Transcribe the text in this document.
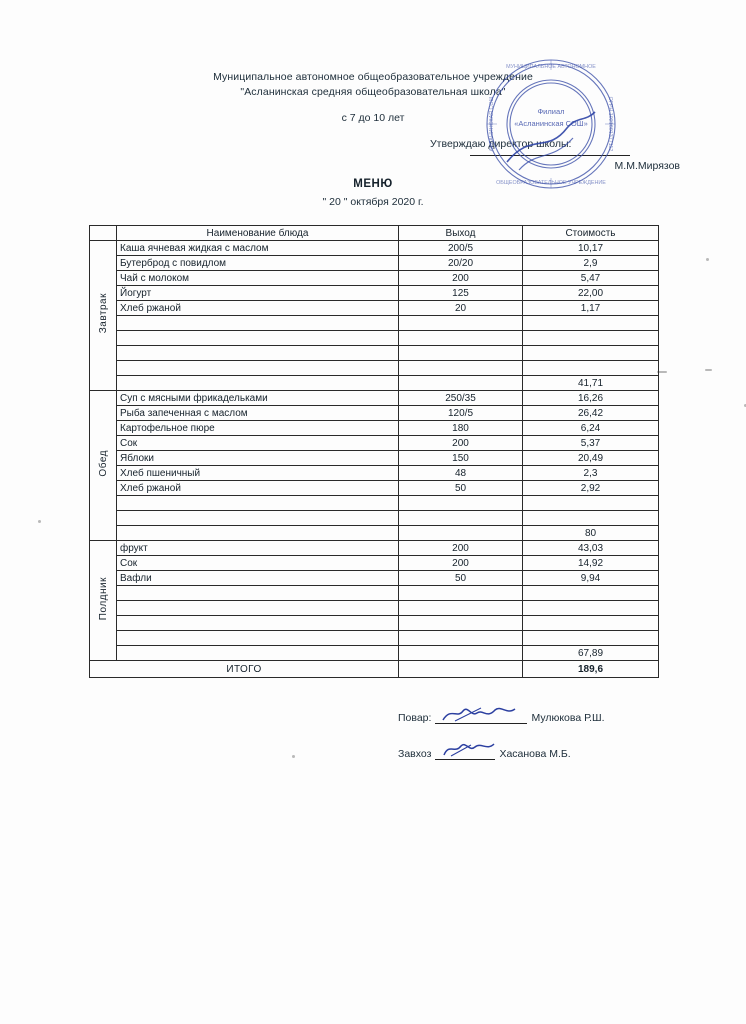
Муниципальное автономное общеобразовательное учреждение
"Асланинская средняя общеобразовательная школа"
с 7 до 10 лет
Утверждаю директор школы:
М.М.Мирязов
МУНИЦИПАЛЬНОЕ АВТОНОМНОЕ
ОБЩЕОБРАЗОВАТЕЛЬНОЕ УЧРЕЖДЕНИЕ
АСЛАНИНСКАЯ СОШ	ОГРН 1021601377112
Филиал
«Асланинская СОШ»
МЕНЮ
" 20 " октября 2020 г.
	Наименование блюда	Выход	Стоимость
Завтрак	Каша ячневая жидкая с маслом	200/5	10,17
	Бутерброд с повидлом	20/20	2,9
	Чай с молоком	200	5,47
	Йогурт	125	22,00
	Хлеб ржаной	20	1,17

			41,71
Обед	Суп с мясными фрикадельками	250/35	16,26
	Рыба запеченная с маслом	120/5	26,42
	Картофельное пюре	180	6,24
	Сок	200	5,37
	Яблоки	150	20,49
	Хлеб пшеничный	48	2,3
	Хлеб ржаной	50	2,92

			80
Полдник	фрукт	200	43,03
	Сок	200	14,92
	Вафли	50	9,94

			67,89
ИТОГО			189,6
Повар:	Мулюкова Р.Ш.
Завхоз	Хасанова М.Б.
